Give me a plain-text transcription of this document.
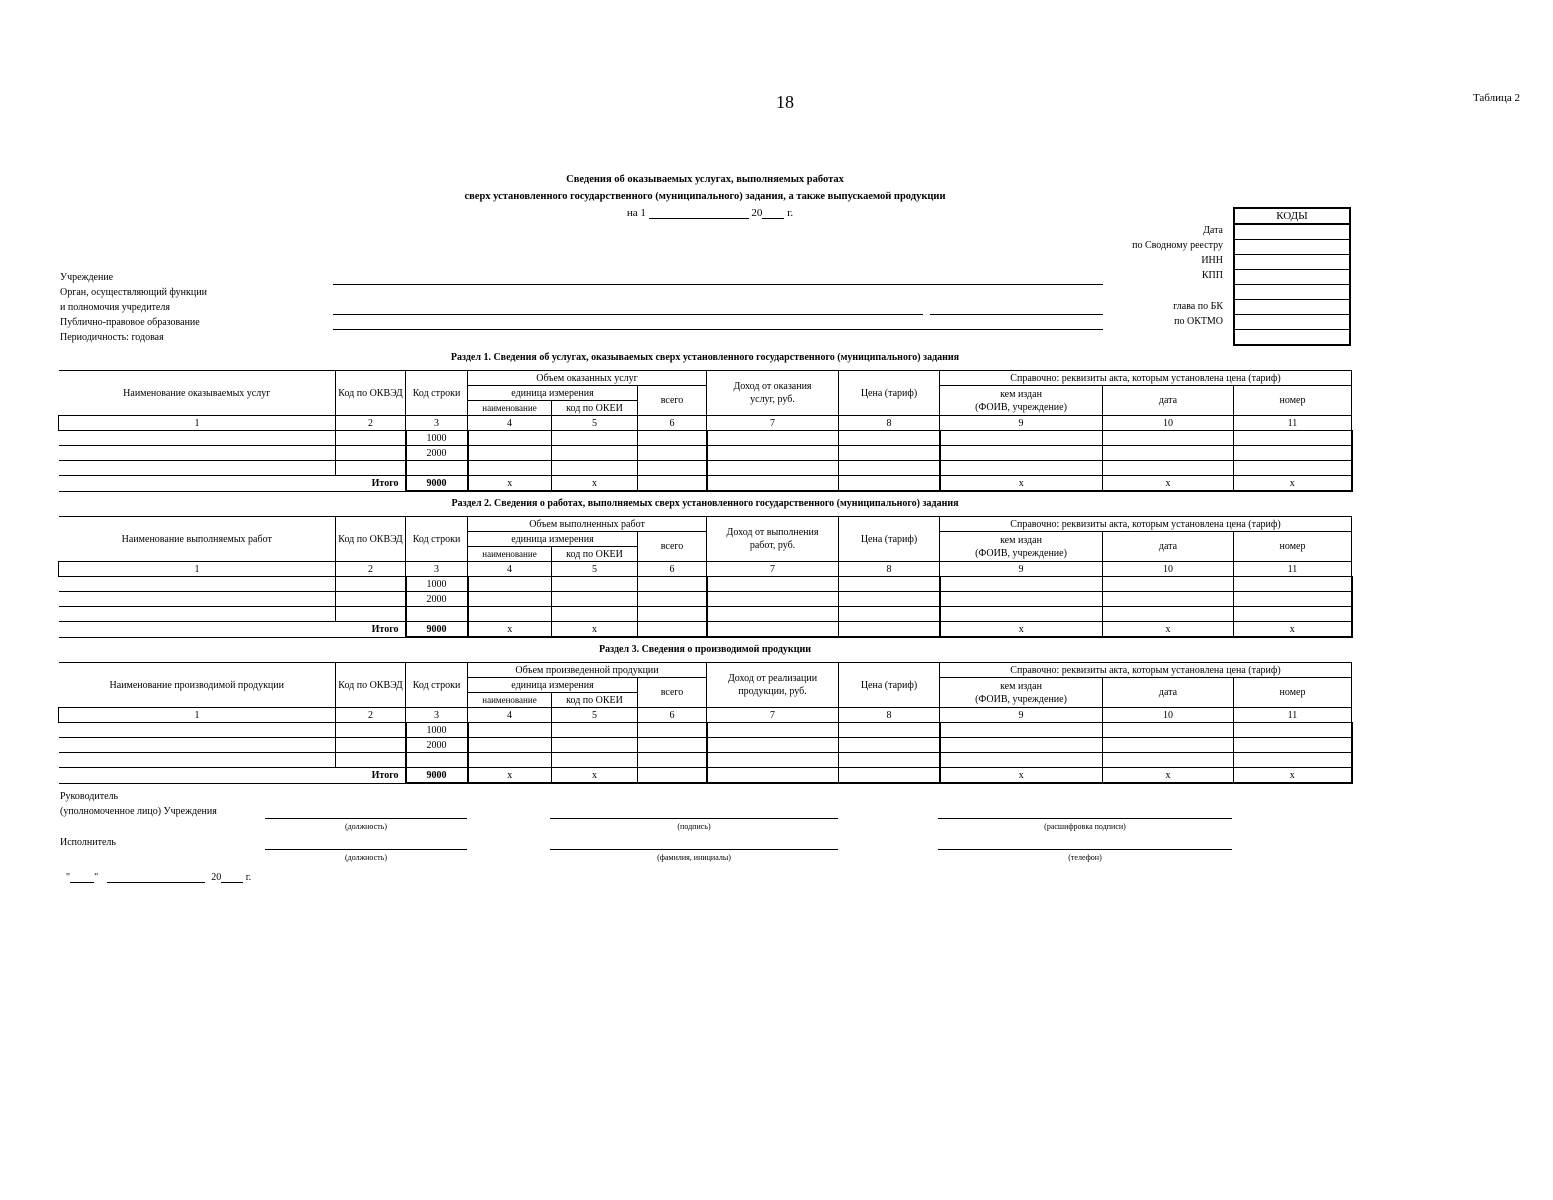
18	Таблица 2
Сведения об оказываемых услугах, выполняемых работах
сверх установленного государственного (муниципального) задания, а также выпускаемой продукции
на 1	20 г.	КОДЫ

Дата
по Сводному реестру
ИНН
КПП
глава по БК
по ОКТМО
Учреждение
Орган, осуществляющий функции
и полномочия учредителя
Публично-правовое образование
Периодичность: годовая
Раздел 1. Сведения об услугах, оказываемых сверх установленного государственного (муниципального) задания
Наименование оказываемых услуг	Код по ОКВЭД	Код строки	Объем оказанных услуг			Доход от оказания
услуг, руб.	Цена (тариф)	Справочно: реквизиты акта, которым установлена цена (тариф)		
			единица измерения		всего			кем издан
(ФОИВ, учреждение)	дата	номер
			наименование	код по ОКЕИ						
1	2	3	4	5	6	7	8	9	10	11
		1000								
		2000								

Итого		9000	х	х				х	х	х
Раздел 2. Сведения о работах, выполняемых сверх установленного государственного (муниципального) задания
Наименование выполняемых работ	Код по ОКВЭД	Код строки	Объем выполненных работ			Доход от выполнения
работ, руб.	Цена (тариф)	Справочно: реквизиты акта, которым установлена цена (тариф)		
			единица измерения		всего			кем издан
(ФОИВ, учреждение)	дата	номер
			наименование	код по ОКЕИ						
1	2	3	4	5	6	7	8	9	10	11
		1000								
		2000								

Итого		9000	х	х				х	х	х
Раздел 3. Сведения о производимой продукции
Наименование производимой продукции	Код по ОКВЭД	Код строки	Объем произведенной продукции			Доход от реализации
продукции, руб.	Цена (тариф)	Справочно: реквизиты акта, которым установлена цена (тариф)		
			единица измерения		всего			кем издан
(ФОИВ, учреждение)	дата	номер
			наименование	код по ОКЕИ						
1	2	3	4	5	6	7	8	9	10	11
		1000								
		2000								

Итого		9000	х	х				х	х	х
Руководитель
(уполномоченное лицо) Учреждения
(должность)	(подпись)	(расшифровка подписи)
Исполнитель
(должность)	(фамилия, инициалы)	(телефон)
" "	20 г.
